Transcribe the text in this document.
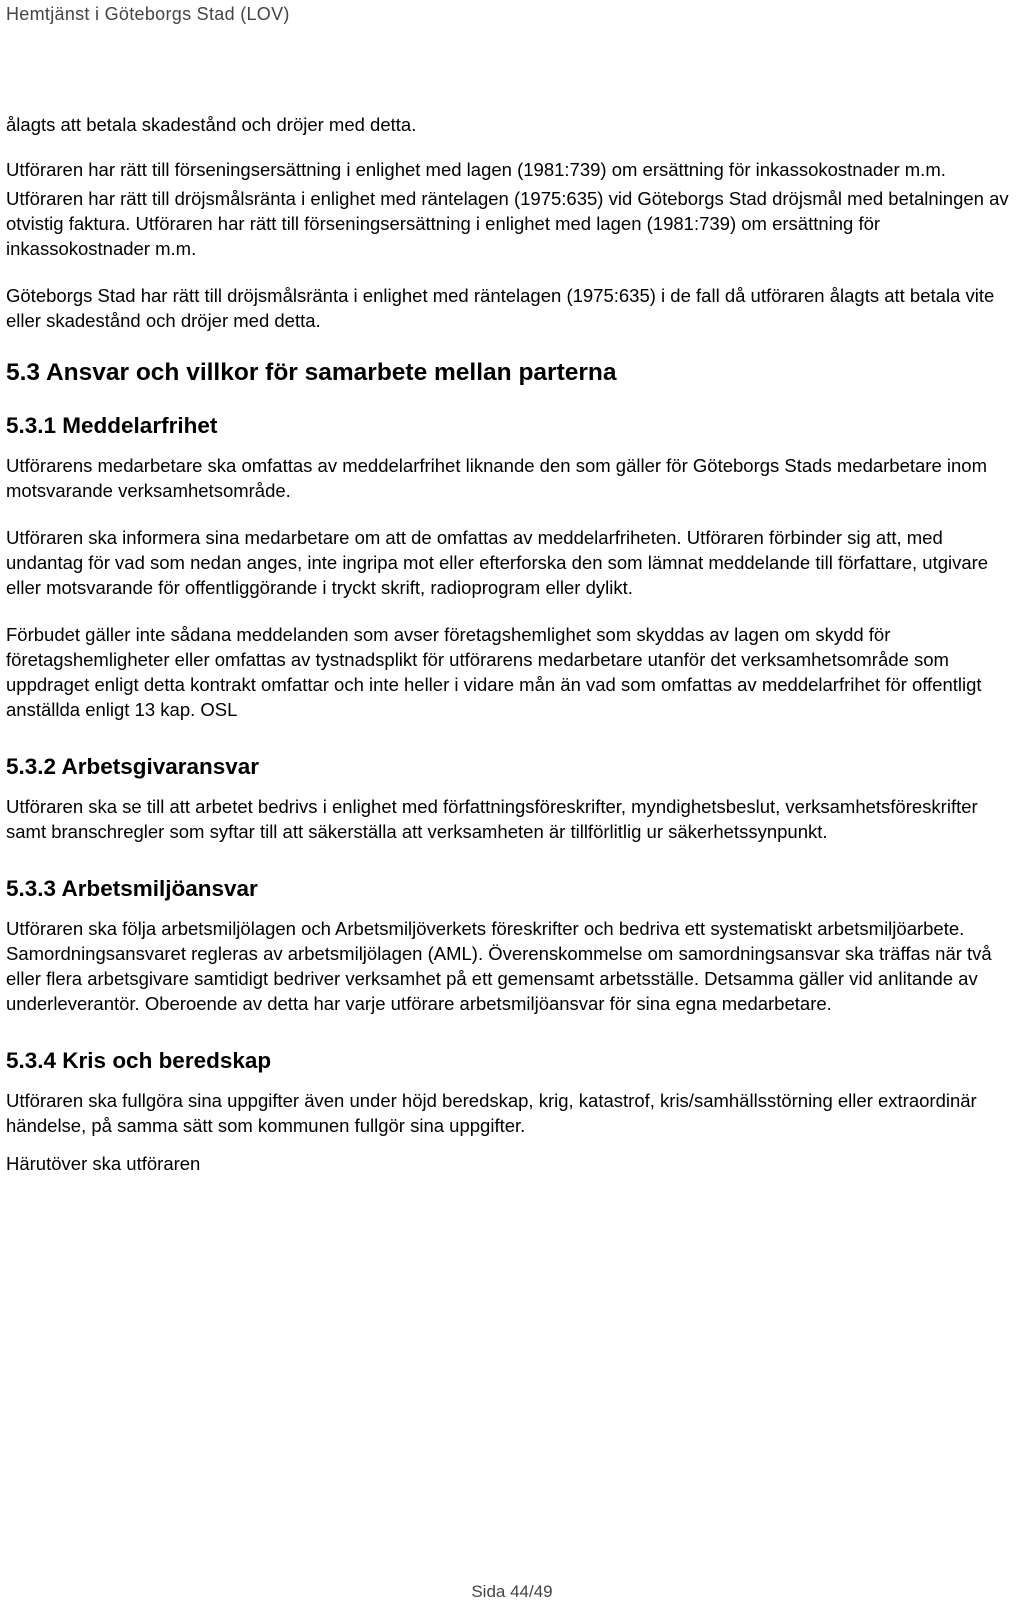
Hemtjänst i Göteborgs Stad (LOV)

ålagts att betala skadestånd och dröjer med detta.

Utföraren har rätt till förseningsersättning i enlighet med lagen (1981:739) om ersättning för inkassokostnader m.m.

Utföraren har rätt till dröjsmålsränta i enlighet med räntelagen (1975:635) vid Göteborgs Stad dröjsmål med betalningen av otvistig faktura. Utföraren har rätt till förseningsersättning i enlighet med lagen (1981:739) om ersättning för inkassokostnader m.m.

Göteborgs Stad har rätt till dröjsmålsränta i enlighet med räntelagen (1975:635) i de fall då utföraren ålagts att betala vite eller skadestånd och dröjer med detta.

5.3 Ansvar och villkor för samarbete mellan parterna
5.3.1 Meddelarfrihet

Utförarens medarbetare ska omfattas av meddelarfrihet liknande den som gäller för Göteborgs Stads medarbetare inom motsvarande verksamhetsområde.

Utföraren ska informera sina medarbetare om att de omfattas av meddelarfriheten. Utföraren förbinder sig att, med undantag för vad som nedan anges, inte ingripa mot eller efterforska den som lämnat meddelande till författare, utgivare eller motsvarande för offentliggörande i tryckt skrift, radioprogram eller dylikt.

Förbudet gäller inte sådana meddelanden som avser företagshemlighet som skyddas av lagen om skydd för företagshemligheter eller omfattas av tystnadsplikt för utförarens medarbetare utanför det verksamhetsområde som uppdraget enligt detta kontrakt omfattar och inte heller i vidare mån än vad som omfattas av meddelarfrihet för offentligt anställda enligt 13 kap. OSL

5.3.2 Arbetsgivaransvar

Utföraren ska se till att arbetet bedrivs i enlighet med författningsföreskrifter, myndighetsbeslut, verksamhetsföreskrifter samt branschregler som syftar till att säkerställa att verksamheten är tillförlitlig ur säkerhetssynpunkt.

5.3.3 Arbetsmiljöansvar

Utföraren ska följa arbetsmiljölagen och Arbetsmiljöverkets föreskrifter och bedriva ett systematiskt arbetsmiljöarbete. Samordningsansvaret regleras av arbetsmiljölagen (AML). Överenskommelse om samordningsansvar ska träffas när två eller flera arbetsgivare samtidigt bedriver verksamhet på ett gemensamt arbetsställe. Detsamma gäller vid anlitande av underleverantör. Oberoende av detta har varje utförare arbetsmiljöansvar för sina egna medarbetare.

5.3.4 Kris och beredskap

Utföraren ska fullgöra sina uppgifter även under höjd beredskap, krig, katastrof, kris/samhällsstörning eller extraordinär händelse, på samma sätt som kommunen fullgör sina uppgifter.

Härutöver ska utföraren

Sida 44/49
